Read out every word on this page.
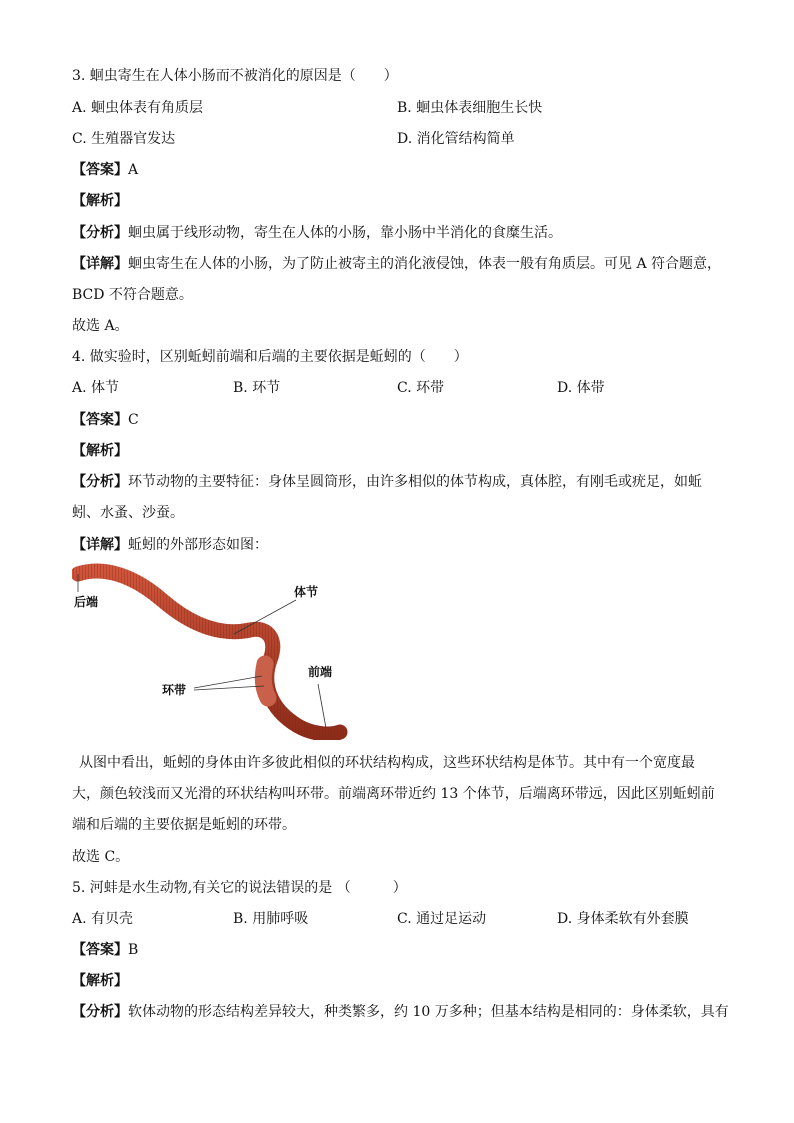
3. 蛔虫寄生在人体小肠而不被消化的原因是（　　）
A. 蛔虫体表有角质层	B. 蛔虫体表细胞生长快
C. 生殖器官发达	D. 消化管结构简单
【答案】A
【解析】
【分析】蛔虫属于线形动物，寄生在人体的小肠，靠小肠中半消化的食糜生活。
【详解】蛔虫寄生在人体的小肠，为了防止被寄主的消化液侵蚀，体表一般有角质层。可见 A 符合题意，
BCD 不符合题意。
故选 A。
4. 做实验时，区别蚯蚓前端和后端的主要依据是蚯蚓的（　　）
A. 体节	B. 环节	C. 环带	D. 体带
【答案】C
【解析】
【分析】环节动物的主要特征：身体呈圆筒形，由许多相似的体节构成，真体腔，有刚毛或疣足，如蚯
蚓、水蚤、沙蚕。
【详解】蚯蚓的外部形态如图：
后端
体节
环带
前端
从图中看出，蚯蚓的身体由许多彼此相似的环状结构构成，这些环状结构是体节。其中有一个宽度最
大，颜色较浅而又光滑的环状结构叫环带。前端离环带近约 13 个体节，后端离环带远，因此区别蚯蚓前
端和后端的主要依据是蚯蚓的环带。
故选 C。
5. 河蚌是水生动物,有关它的说法错误的是 （　　　）
A. 有贝壳	B. 用肺呼吸	C. 通过足运动	D. 身体柔软有外套膜
【答案】B
【解析】
【分析】软体动物的形态结构差异较大，种类繁多，约 10 万多种；但基本结构是相同的：身体柔软，具有
